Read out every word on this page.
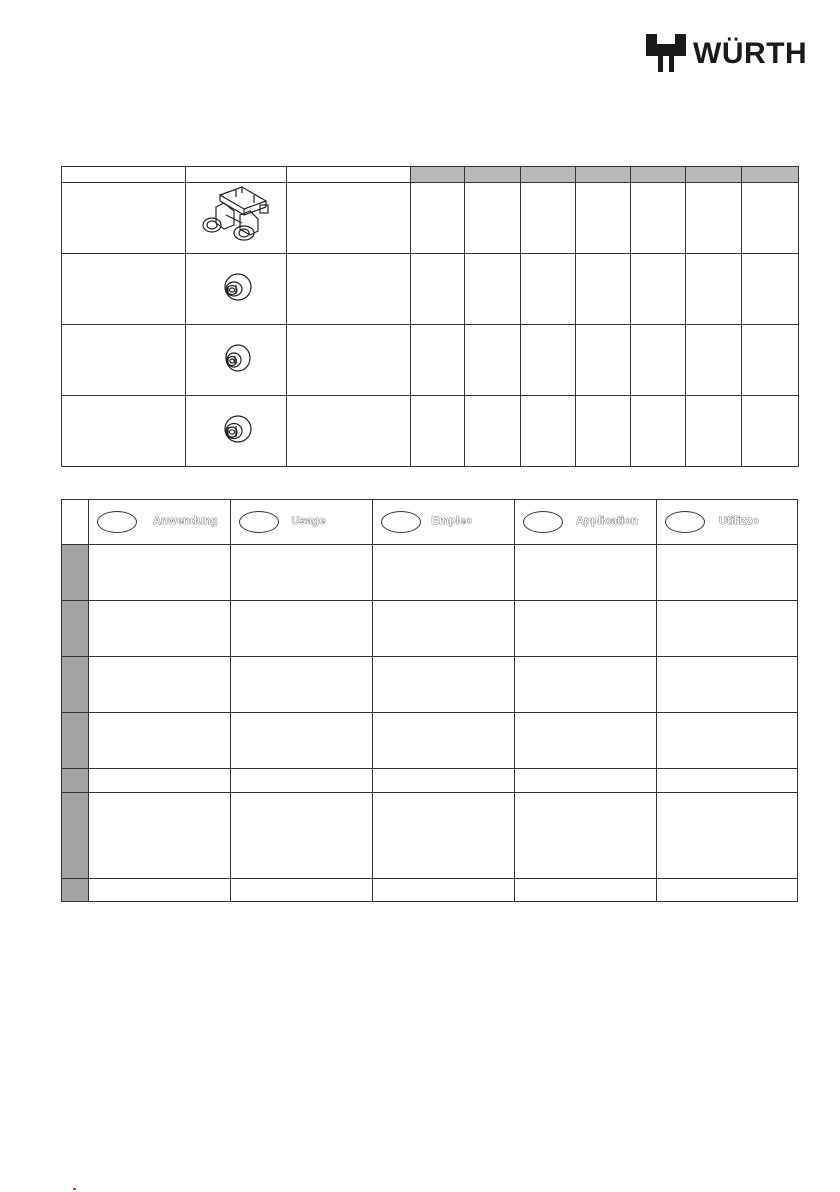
WÜRTH

	Anwendung	Usage	Empleo	Application	Utilizzo
